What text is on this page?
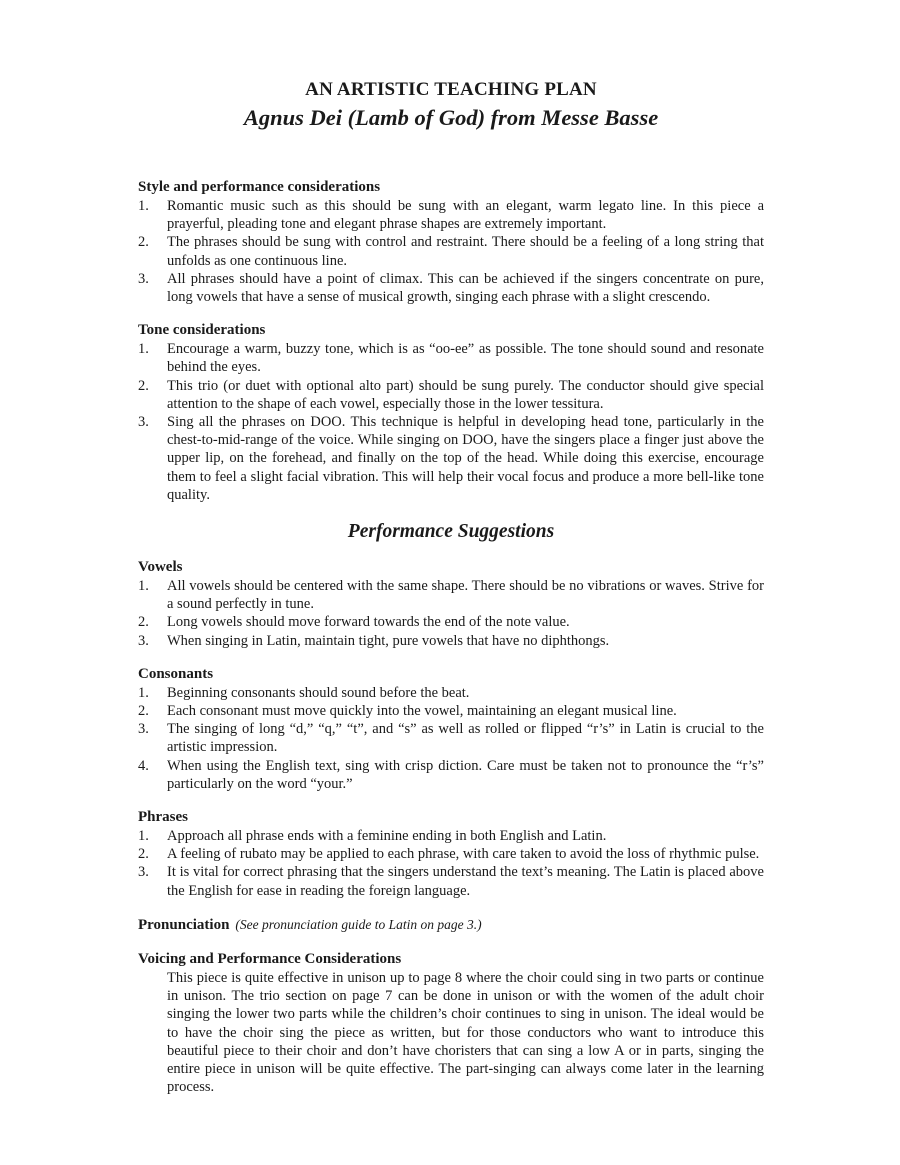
AN ARTISTIC TEACHING PLAN
Agnus Dei (Lamb of God) from Messe Basse
Style and performance considerations
1. Romantic music such as this should be sung with an elegant, warm legato line. In this piece a prayerful, pleading tone and elegant phrase shapes are extremely important.
2. The phrases should be sung with control and restraint. There should be a feeling of a long string that unfolds as one continuous line.
3. All phrases should have a point of climax. This can be achieved if the singers concentrate on pure, long vowels that have a sense of musical growth, singing each phrase with a slight crescendo.
Tone considerations
1. Encourage a warm, buzzy tone, which is as “oo-ee” as possible. The tone should sound and resonate behind the eyes.
2. This trio (or duet with optional alto part) should be sung purely. The conductor should give special attention to the shape of each vowel, especially those in the lower tessitura.
3. Sing all the phrases on DOO. This technique is helpful in developing head tone, particularly in the chest-to-mid-range of the voice. While singing on DOO, have the singers place a finger just above the upper lip, on the forehead, and finally on the top of the head. While doing this exercise, encourage them to feel a slight facial vibration. This will help their vocal focus and produce a more bell-like tone quality.
Performance Suggestions
Vowels
1. All vowels should be centered with the same shape. There should be no vibrations or waves. Strive for a sound perfectly in tune.
2. Long vowels should move forward towards the end of the note value.
3. When singing in Latin, maintain tight, pure vowels that have no diphthongs.
Consonants
1. Beginning consonants should sound before the beat.
2. Each consonant must move quickly into the vowel, maintaining an elegant musical line.
3. The singing of long “d,” “q,” “t”, and “s” as well as rolled or flipped “r’s” in Latin is crucial to the artistic impression.
4. When using the English text, sing with crisp diction. Care must be taken not to pronounce the “r’s” particularly on the word “your.”
Phrases
1. Approach all phrase ends with a feminine ending in both English and Latin.
2. A feeling of rubato may be applied to each phrase, with care taken to avoid the loss of rhythmic pulse.
3. It is vital for correct phrasing that the singers understand the text’s meaning. The Latin is placed above the English for ease in reading the foreign language.
Pronunciation (See pronunciation guide to Latin on page 3.)
Voicing and Performance Considerations

This piece is quite effective in unison up to page 8 where the choir could sing in two parts or continue in unison. The trio section on page 7 can be done in unison or with the women of the adult choir singing the lower two parts while the children’s choir continues to sing in unison. The ideal would be to have the choir sing the piece as written, but for those conductors who want to introduce this beautiful piece to their choir and don’t have choristers that can sing a low A or in parts, singing the entire piece in unison will be quite effective. The part-singing can always come later in the learning process.
